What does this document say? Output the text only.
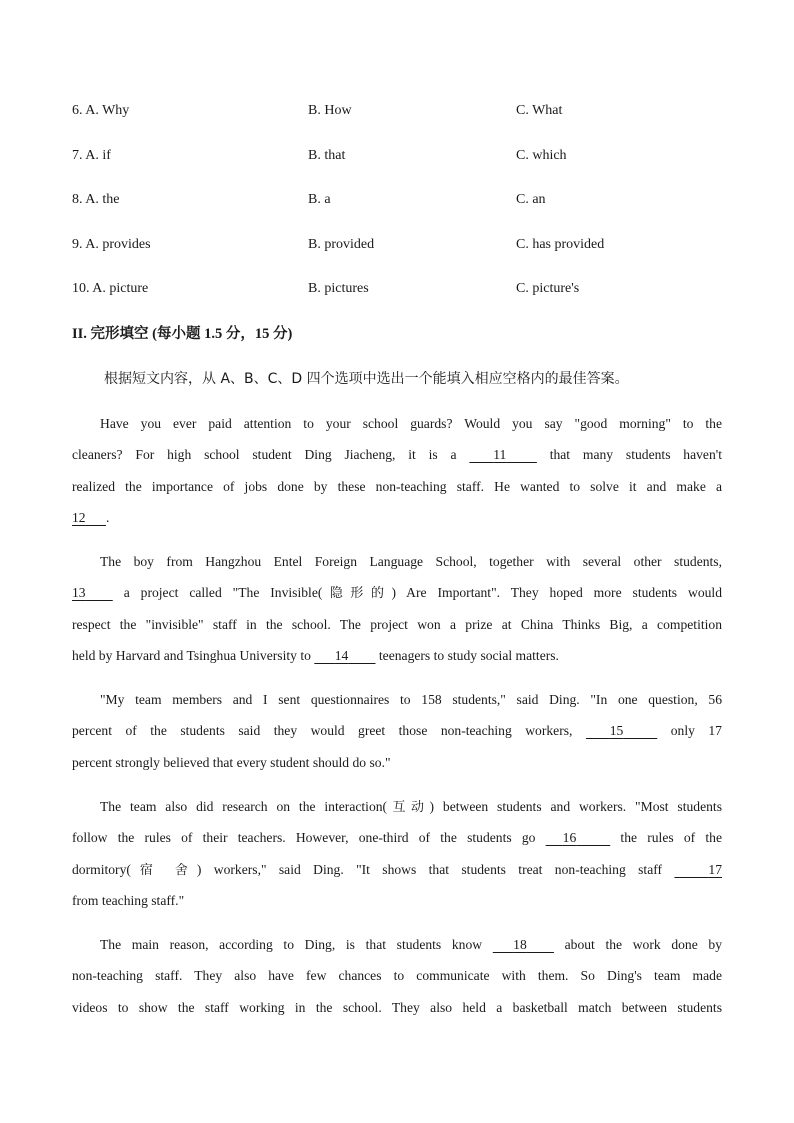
6. A. Why	B. How	C. What
7. A. if	B. that	C. which
8. A. the	B. a	C. an
9. A. provides	B. provided	C. has provided
10. A. picture	B. pictures	C. picture's
II. 完形填空 (每小题 1.5 分，15 分)
根据短文内容，从 A、B、C、D 四个选项中选出一个能填入相应空格内的最佳答案。
Have you ever paid attention to your school guards? Would you say "good morning" to the
cleaners? For high school student Ding Jiacheng, it is a	11	that many students haven't
realized the importance of jobs done by these non-teaching staff. He wanted to solve it and make a
12 .
The boy from Hangzhou Entel Foreign Language School, together with several other students,
13	a project called "The Invisible(隐形的) Are Important". They hoped more students would
respect the "invisible" staff in the school. The project won a prize at China Thinks Big, a competition
held by Harvard and Tsinghua University to 14 teenagers to study social matters.
"My team members and I sent questionnaires to 158 students," said Ding. "In one question, 56
percent of the students said they would greet those non-teaching workers,	15	only 17
percent strongly believed that every student should do so."
The team also did research on the interaction(互动) between students and workers. "Most students
follow the rules of their teachers. However, one-third of the students go 16	the rules of the
dormitory(宿 舍) workers," said Ding. "It shows that students treat non-teaching staff	17
from teaching staff."
The main reason, according to Ding, is that students know 18	about the work done by
non-teaching staff. They also have few chances to communicate with them. So Ding's team made
videos to show the staff working in the school. They also held a basketball match between students
